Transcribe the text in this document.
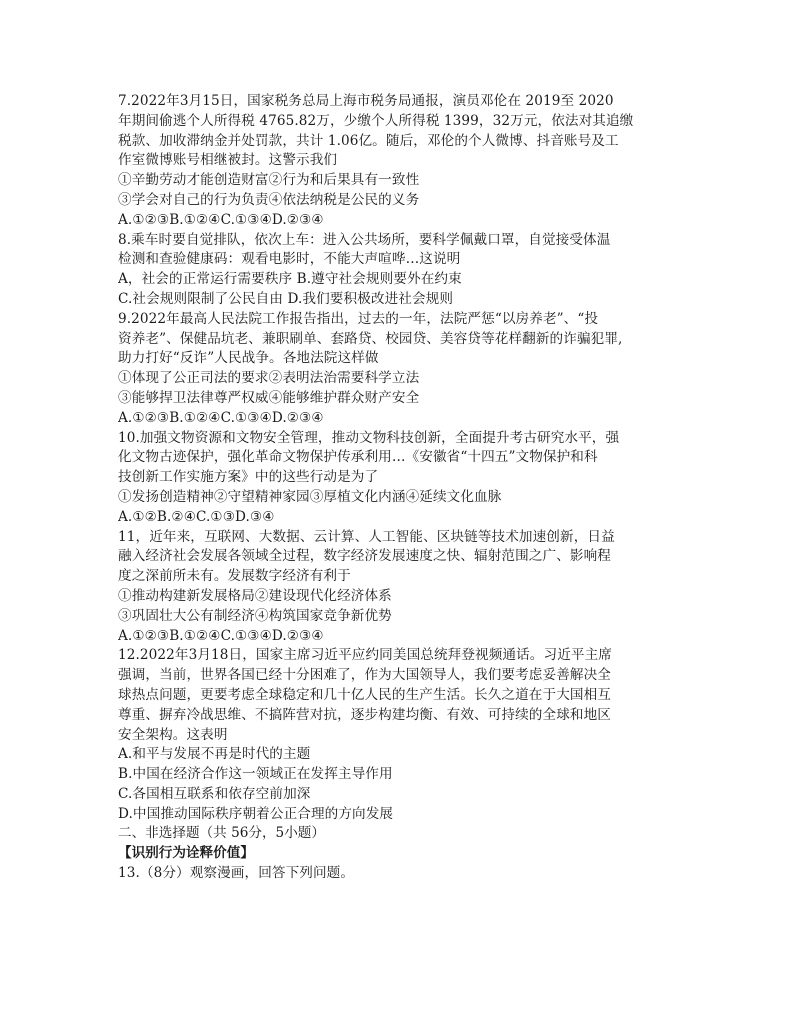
7.2022年3月15日，国家税务总局上海市税务局通报，演员邓伦在 2019至 2020
年期间偷逃个人所得税 4765.82万，少缴个人所得税 1399，32万元，依法对其追缴
税款、加收滞纳金并处罚款，共计 1.06亿。随后，邓伦的个人微博、抖音账号及工
作室微博账号相继被封。这警示我们
①辛勤劳动才能创造财富②行为和后果具有一致性
③学会对自己的行为负责④依法纳税是公民的义务
A.①②③B.①②④C.①③④D.②③④
8.乘车时要自觉排队，依次上车：进入公共场所，要科学佩戴口罩，自觉接受体温
检测和查验健康码：观看电影时，不能大声喧哗…这说明
A，社会的正常运行需要秩序 B.遵守社会规则要外在约束
C.社会规则限制了公民自由 D.我们要积极改进社会规则
9.2022年最高人民法院工作报告指出，过去的一年，法院严惩“以房养老”、“投
资养老”、保健品坑老、兼职刷单、套路贷、校园贷、美容贷等花样翻新的诈骗犯罪,
助力打好“反诈”人民战争。各地法院这样做
①体现了公正司法的要求②表明法治需要科学立法
③能够捍卫法律尊严权威④能够维护群众财产安全
A.①②③B.①②④C.①③④D.②③④
10.加强文物资源和文物安全管理，推动文物科技创新，全面提升考古研究水平，强
化文物古迹保护，强化革命文物保护传承利用…《安徽省“十四五”文物保护和科
技创新工作实施方案》中的这些行动是为了
①发扬创造精神②守望精神家园③厚植文化内涵④延续文化血脉
A.①②B.②④C.①③D.③④
11，近年来，互联网、大数据、云计算、人工智能、区块链等技术加速创新，日益
融入经济社会发展各领域全过程，数字经济发展速度之快、辐射范围之广、影响程
度之深前所未有。发展数字经济有利于
①推动构建新发展格局②建设现代化经济体系
③巩固壮大公有制经济④构筑国家竞争新优势
A.①②③B.①②④C.①③④D.②③④
12.2022年3月18日，国家主席习近平应约同美国总统拜登视频通话。习近平主席
强调，当前，世界各国已经十分困难了，作为大国领导人，我们要考虑妥善解决全
球热点问题，更要考虑全球稳定和几十亿人民的生产生活。长久之道在于大国相互
尊重、摒弃冷战思维、不搞阵营对抗，逐步构建均衡、有效、可持续的全球和地区
安全架构。这表明
A.和平与发展不再是时代的主题
B.中国在经济合作这一领域正在发挥主导作用
C.各国相互联系和依存空前加深
D.中国推动国际秩序朝着公正合理的方向发展
二、非选择题（共 56分，5小题）
【识别行为诠释价值】
13.（8分）观察漫画，回答下列问题。
